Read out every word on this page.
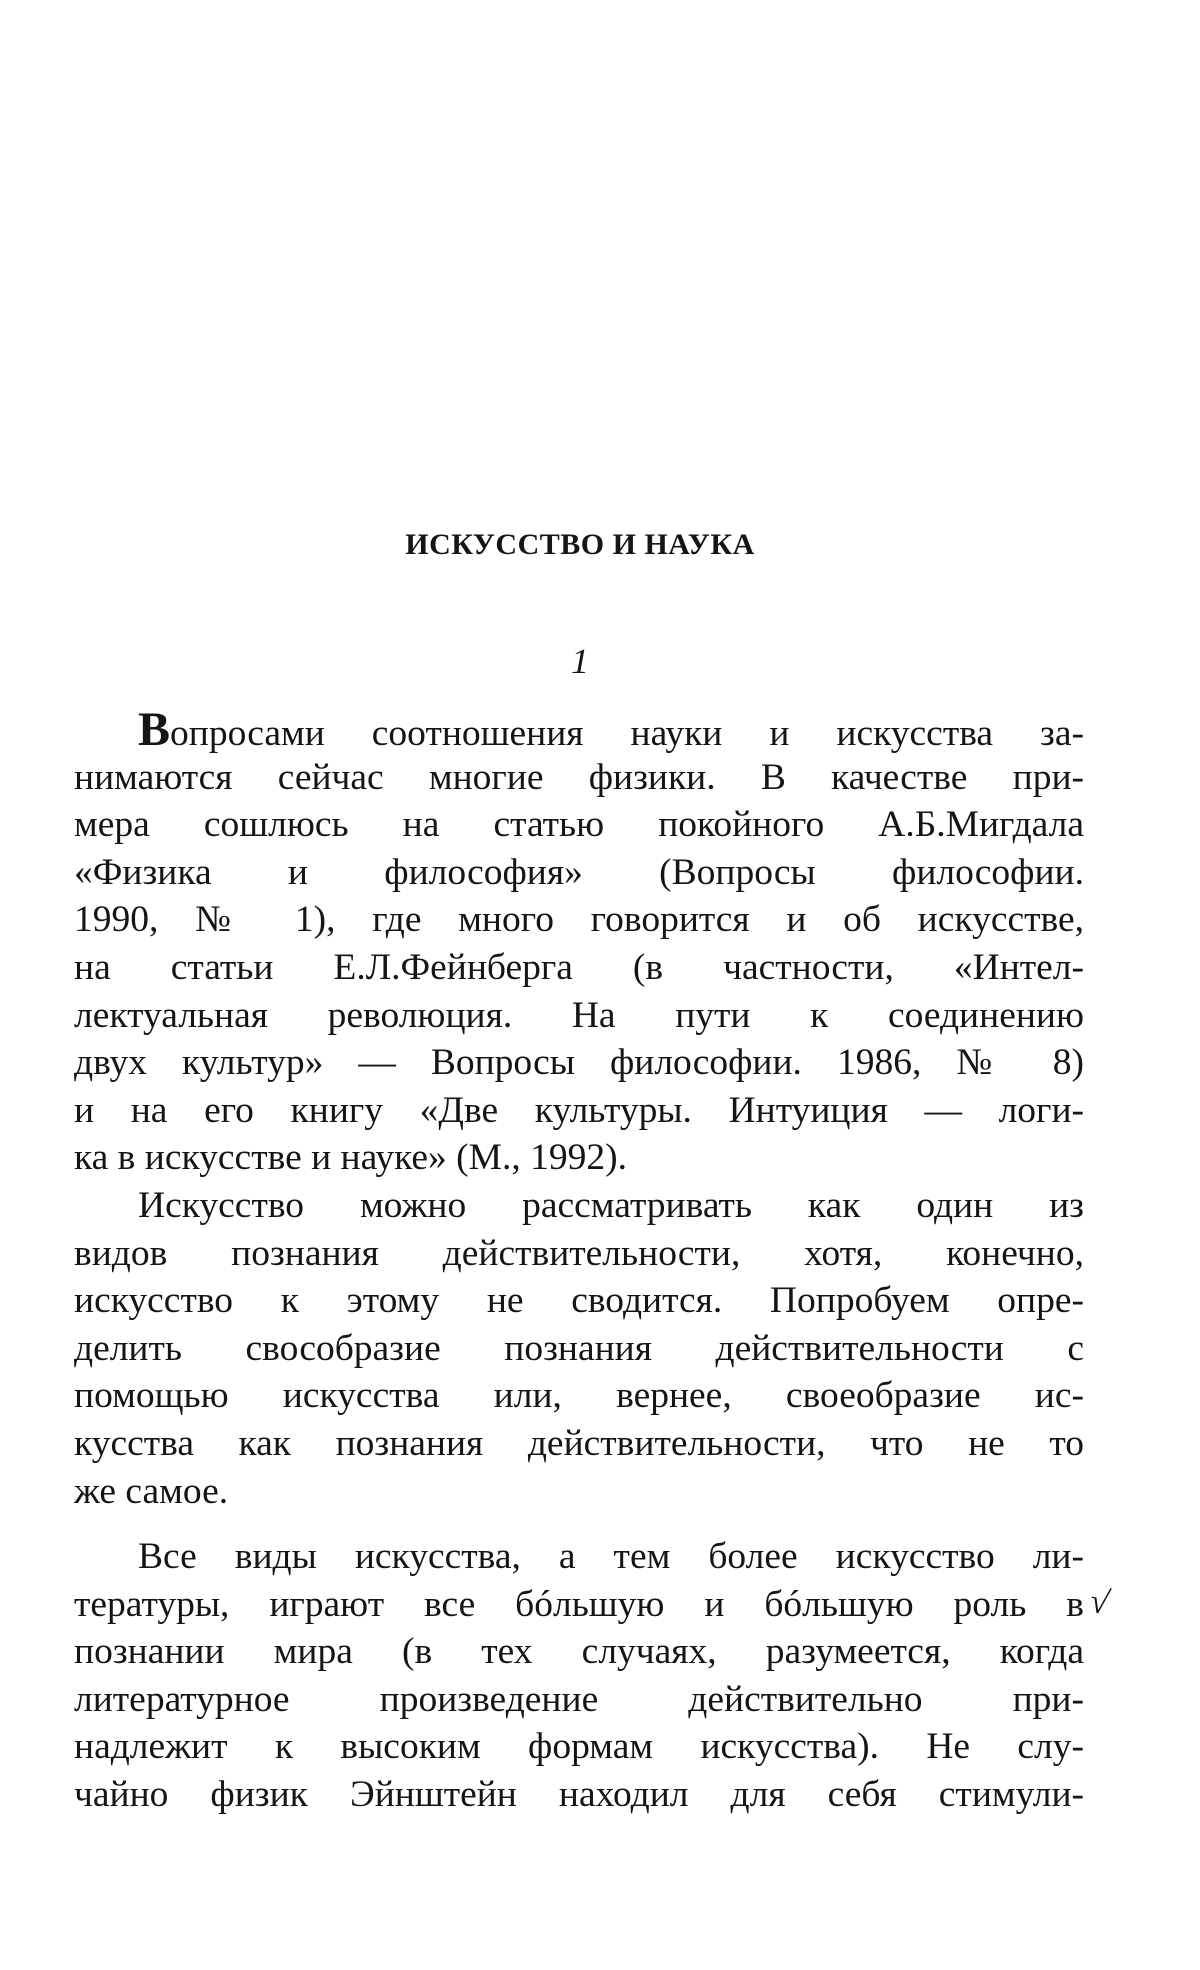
ИСКУССТВО И НАУКА
1
Вопросами соотношения науки и искусства за-
нимаются сейчас многие физики. В качестве при-
мера сошлюсь на статью покойного А.Б.Мигдала
«Физика и философия» (Вопросы философии.
1990, № 1), где много говорится и об искусстве,
на статьи Е.Л.Фейнберга (в частности, «Интел-
лектуальная революция. На пути к соединению
двух культур» — Вопросы философии. 1986, № 8)
и на его книгу «Две культуры. Интуиция — логи-
ка в искусстве и науке» (М., 1992).
Искусство можно рассматривать как один из
видов познания действительности, хотя, конечно,
искусство к этому не сводится. Попробуем опре-
делить свособразие познания действительности с
помощью искусства или, вернее, своеобразие ис-
кусства как познания действительности, что не то
же самое.
Все виды искусства, а тем более искусство ли-
тературы, играют все бóльшую и бóльшую роль в
познании мира (в тех случаях, разумеется, когда
литературное произведение действительно при-
надлежит к высоким формам искусства). Не слу-
чайно физик Эйнштейн находил для себя стимули-
√
